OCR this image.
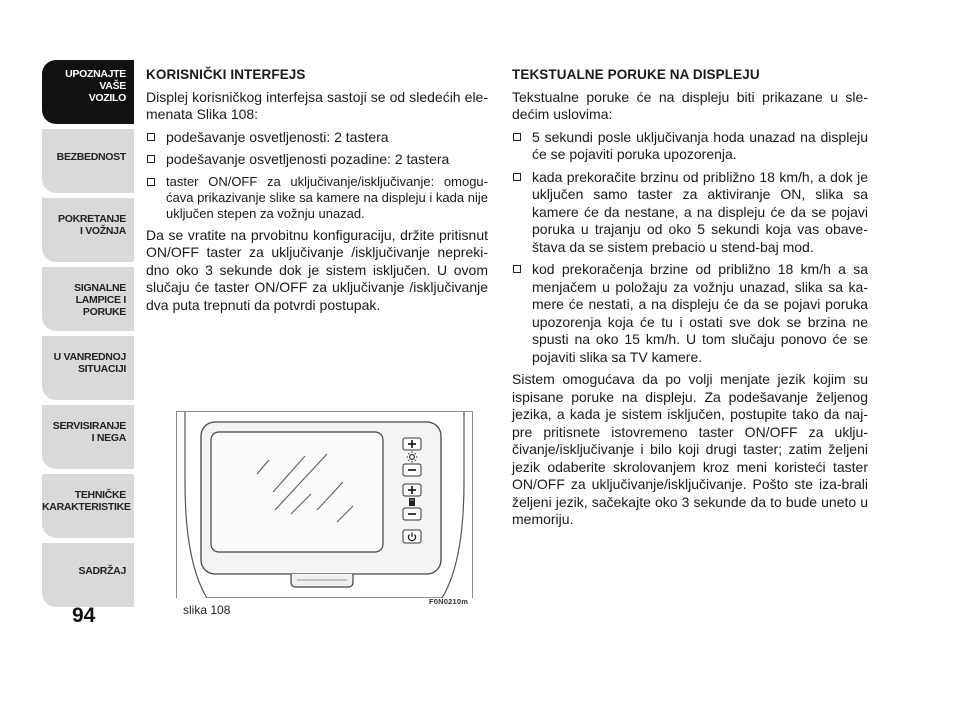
UPOZNAJTE
VAŠE
VOZILO
BEZBEDNOST
POKRETANJE
I VOŽNJA
SIGNALNE
LAMPICE I PORUKE
U VANREDNOJ
SITUACIJI
SERVISIRANJE
I NEGA
TEHNIČKE
KARAKTERISTIKE
SADRŽAJ
94
KORISNIČKI INTERFEJS

Displej korisničkog interfejsa sastoji se od sledećih ele-menata Slika 108:

podešavanje osvetljenosti: 2 tastera
podešavanje osvetljenosti pozadine: 2 tastera
taster ON/OFF za uključivanje/isključivanje: omogu-ćava prikazivanje slike sa kamere na displeju i kada nije uključen stepen za vožnju unazad.

Da se vratite na prvobitnu konfiguraciju, držite pritisnut ON/OFF taster za uključivanje /isključivanje nepreki-dno oko 3 sekunde dok je sistem isključen. U ovom slučaju će taster ON/OFF za uključivanje /isključivanje dva puta trepnuti da potvrdi postupak.

TEKSTUALNE PORUKE NA DISPLEJU

Tekstualne poruke će na displeju biti prikazane u sle-dećim uslovima:

5 sekundi posle uključivanja hoda unazad na displeju će se pojaviti poruka upozorenja.
kada prekoračite brzinu od približno 18 km/h, a dok je uključen samo taster za aktiviranje ON, slika sa kamere će da nestane, a na displeju će da se pojavi poruka u trajanju od oko 5 sekundi koja vas obave-štava da se sistem prebacio u stend-baj mod.
kod prekoračenja brzine od približno 18 km/h a sa menjačem u položaju za vožnju unazad, slika sa ka-mere će nestati, a na displeju će da se pojavi poruka upozorenja koja će tu i ostati sve dok se brzina ne spusti na oko 15 km/h. U tom slučaju ponovo će se pojaviti slika sa TV kamere.

Sistem omogućava da po volji menjate jezik kojim su ispisane poruke na displeju. Za podešavanje željenog jezika, a kada je sistem isključen, postupite tako da naj-pre pritisnete istovremeno taster ON/OFF za uklju-čivanje/isključivanje i bilo koji drugi taster; zatim željeni jezik odaberite skrolovanjem kroz meni koristeći taster ON/OFF za uključivanje/isključivanje. Pošto ste iza-brali željeni jezik, sačekajte oko 3 sekunde da to bude uneto u memoriju.

slika 108
F0N0210m
